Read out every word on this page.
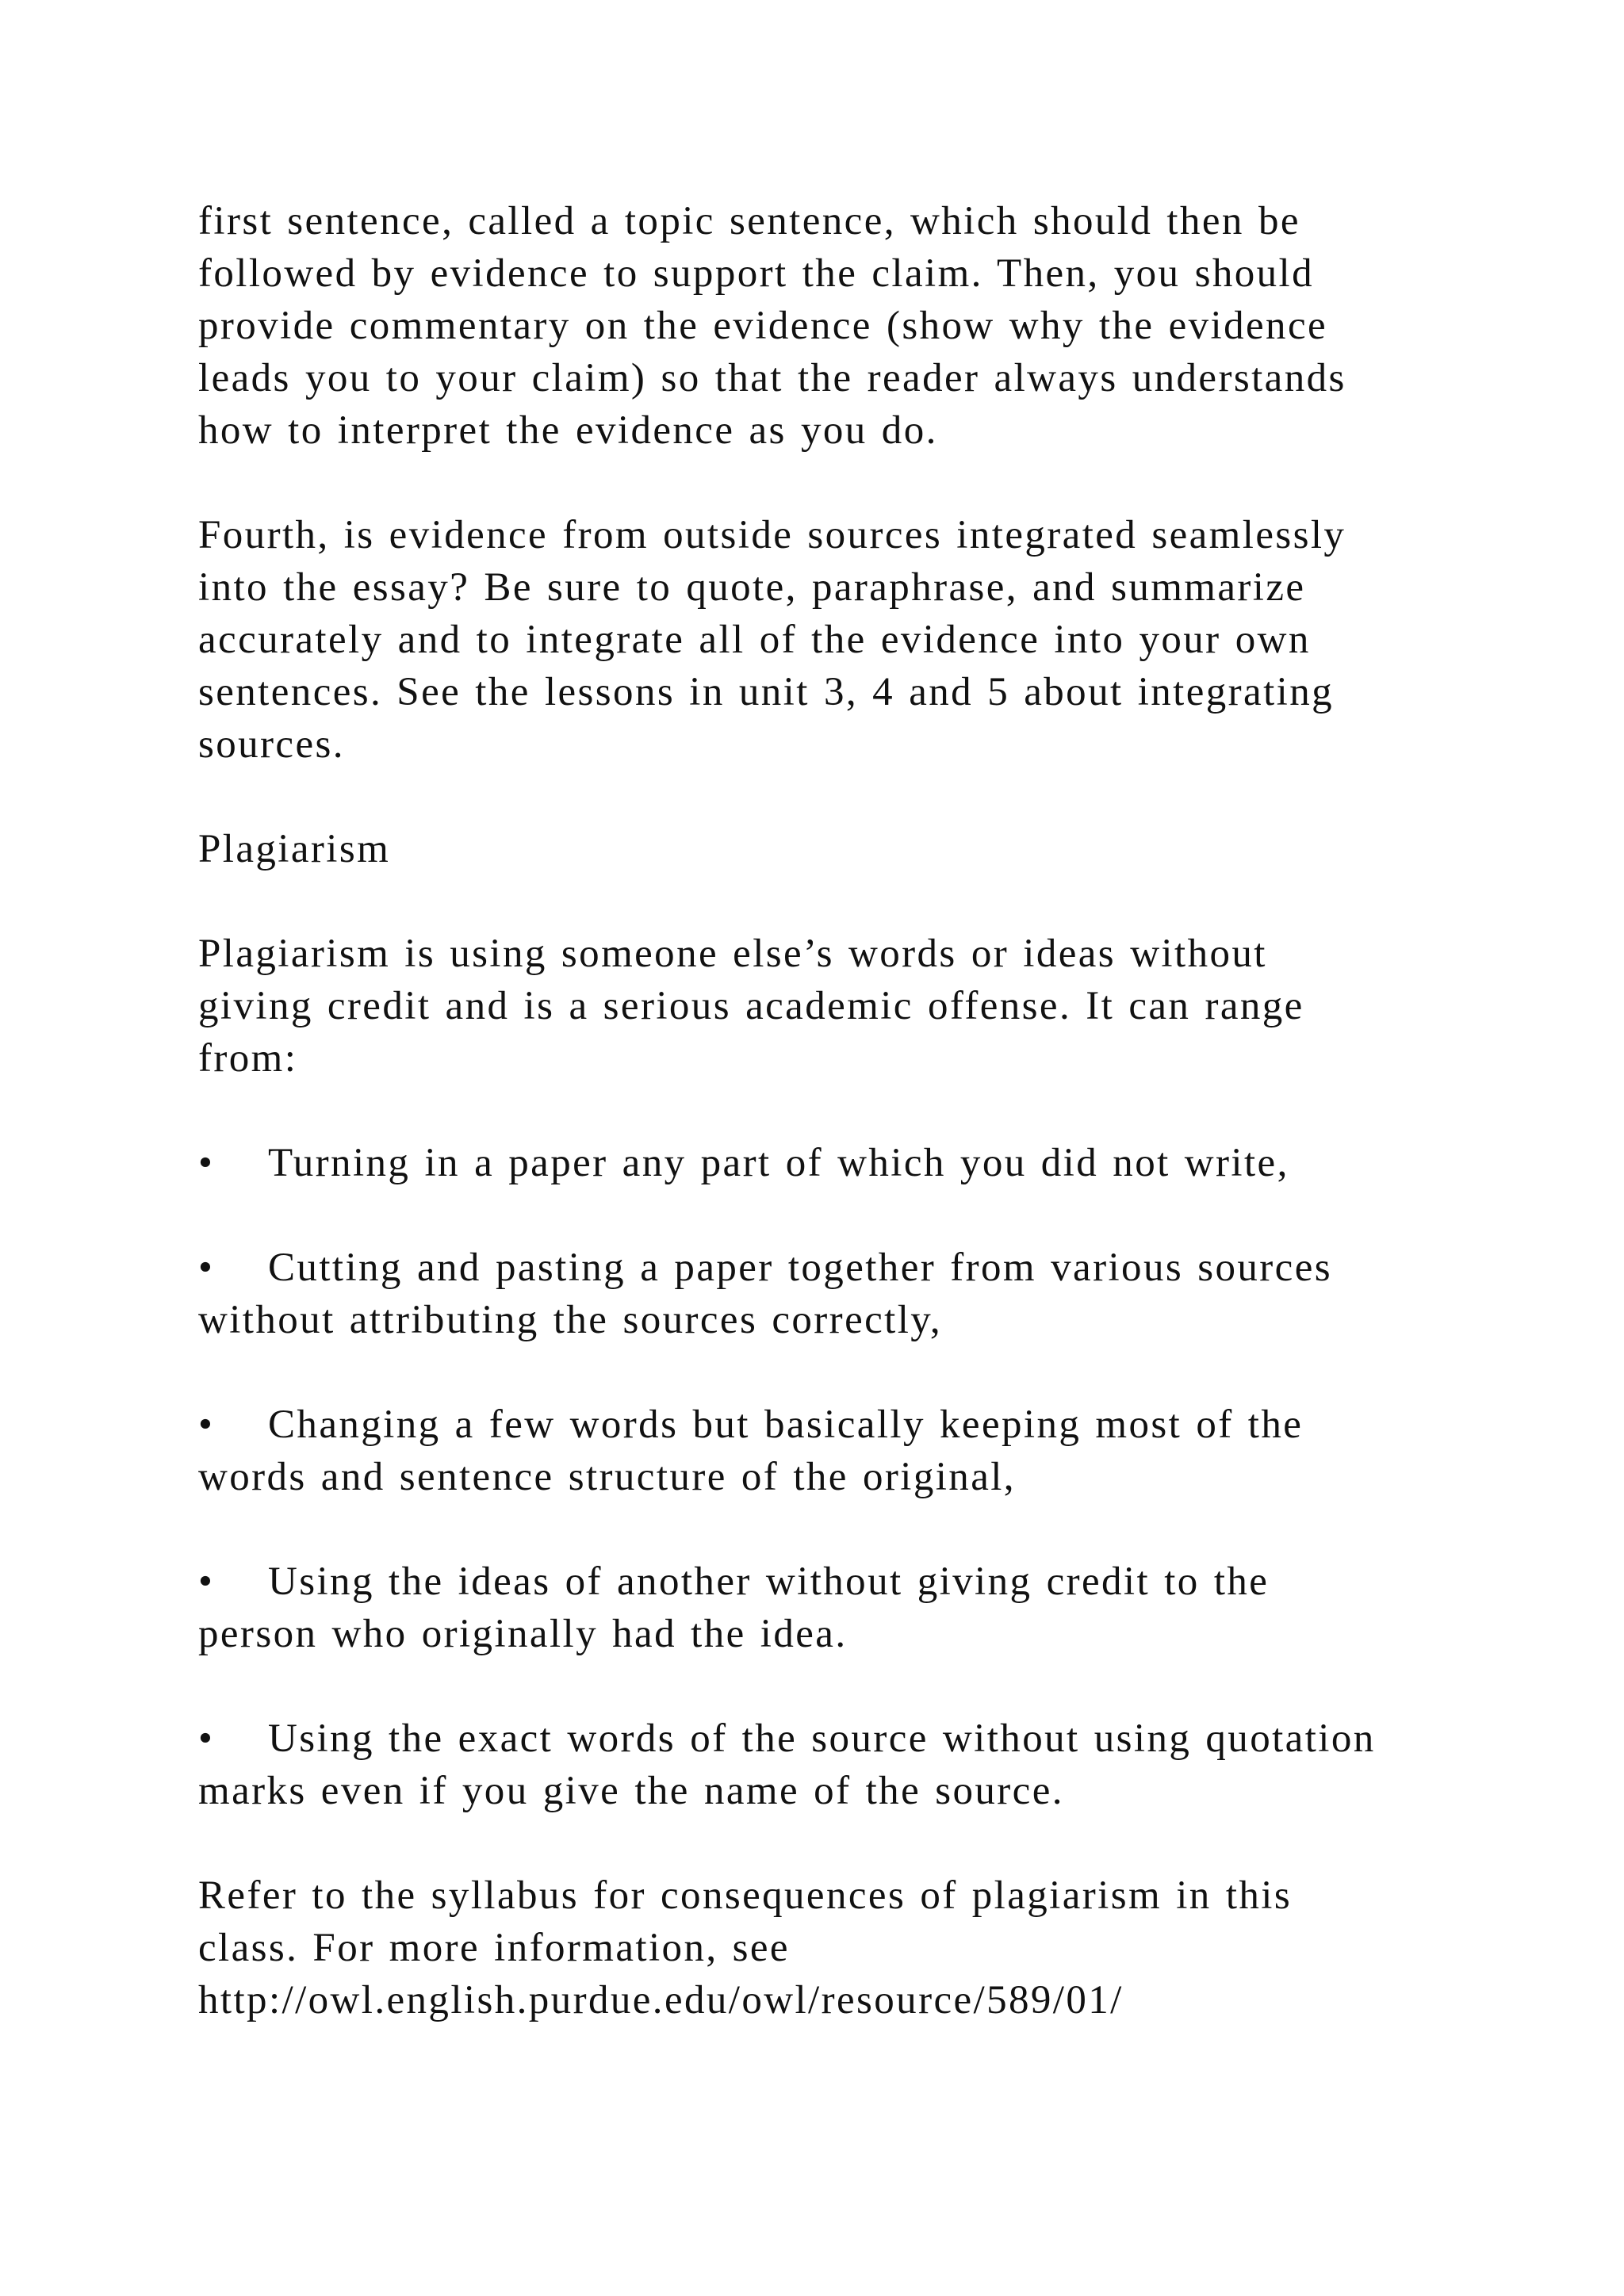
first sentence, called a topic sentence, which should then be
followed by evidence to support the claim. Then, you should
provide commentary on the evidence (show why the evidence
leads you to your claim) so that the reader always understands
how to interpret the evidence as you do.

Fourth, is evidence from outside sources integrated seamlessly
into the essay? Be sure to quote, paraphrase, and summarize
accurately and to integrate all of the evidence into your own
sentences. See the lessons in unit 3, 4 and 5 about integrating
sources.

Plagiarism

Plagiarism is using someone else’s words or ideas without
giving credit and is a serious academic offense. It can range
from:

• Turning in a paper any part of which you did not write,
• Cutting and pasting a paper together from various sources
without attributing the sources correctly,
• Changing a few words but basically keeping most of the
words and sentence structure of the original,
• Using the ideas of another without giving credit to the
person who originally had the idea.
• Using the exact words of the source without using quotation
marks even if you give the name of the source.

Refer to the syllabus for consequences of plagiarism in this
class. For more information, see
http://owl.english.purdue.edu/owl/resource/589/01/
